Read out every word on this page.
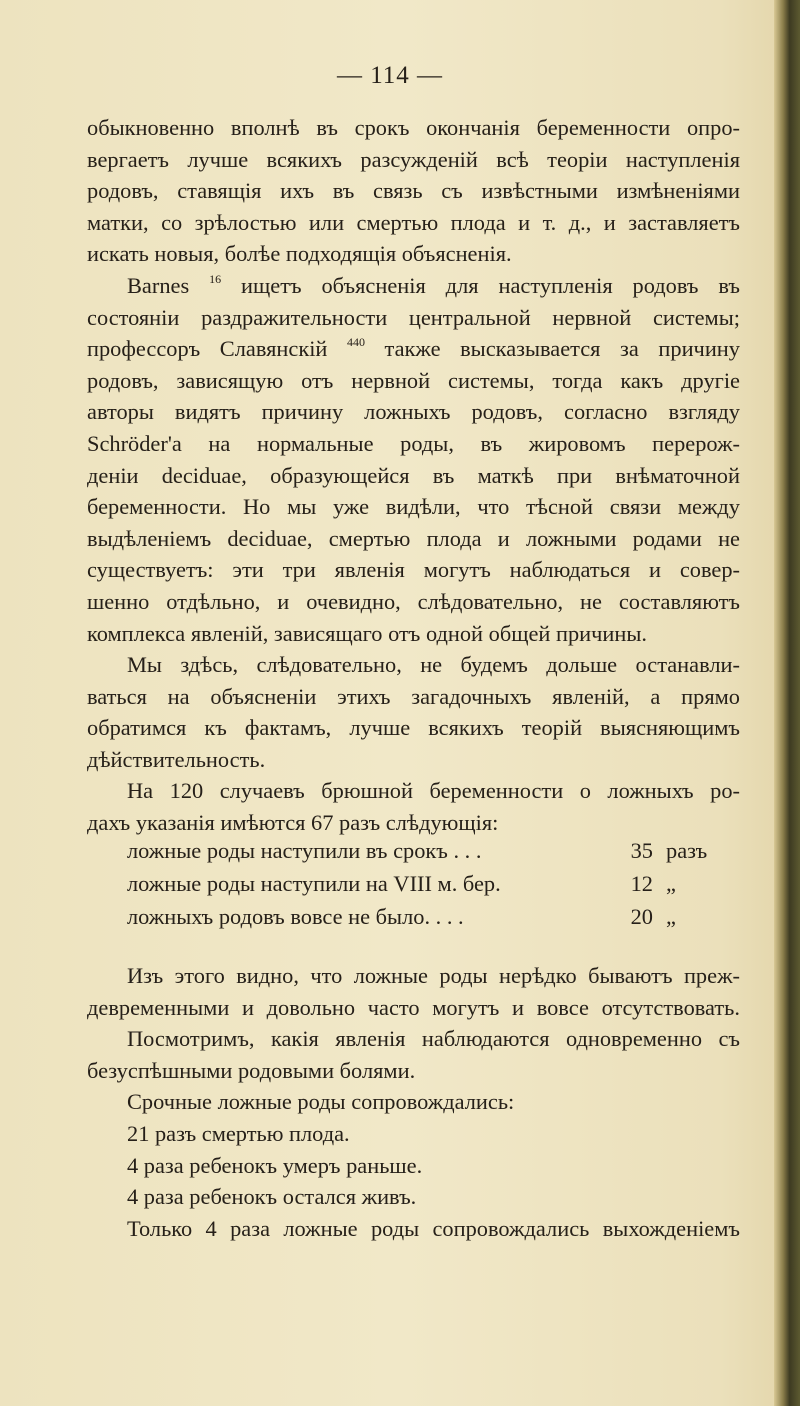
— 114 —
обыкновенно вполнѣ въ срокъ окончанія беременности опро-
вергаетъ лучше всякихъ разсужденій всѣ теоріи наступленія
родовъ, ставящія ихъ въ связь съ извѣстными измѣненіями
матки, со зрѣлостью или смертью плода и т. д., и заставляетъ
искать новыя, болѣе подходящія объясненія.
Barnes $^{16}$ ищетъ объясненія для наступленія родовъ въ
состояніи раздражительности центральной нервной системы;
профессоръ Славянскій $^{440}$ также высказывается за причину
родовъ, зависящую отъ нервной системы, тогда какъ другіе
авторы видятъ причину ложныхъ родовъ, согласно взгляду
Schröder'a на нормальные роды, въ жировомъ перерож-
деніи deciduae, образующейся въ маткѣ при внѣматочной
беременности. Но мы уже видѣли, что тѣсной связи между
выдѣленіемъ deciduae, смертью плода и ложными родами не
существуетъ: эти три явленія могутъ наблюдаться и совер-
шенно отдѣльно, и очевидно, слѣдовательно, не составляютъ
комплекса явленій, зависящаго отъ одной общей причины.
Мы здѣсь, слѣдовательно, не будемъ дольше останавли-
ваться на объясненіи этихъ загадочныхъ явленій, а прямо
обратимся къ фактамъ, лучше всякихъ теорій выясняющимъ
дѣйствительность.
На 120 случаевъ брюшной беременности о ложныхъ ро-
дахъ указанія имѣются 67 разъ слѣдующія:
ложные роды наступили въ срокъ . . .	35 разъ
ложные роды наступили на VIII м. бер.	12 „
ложныхъ родовъ вовсе не было. . . .	20 „
Изъ этого видно, что ложные роды нерѣдко бываютъ преж-
девременными и довольно часто могутъ и вовсе отсутствовать.
Посмотримъ, какія явленія наблюдаются одновременно съ
безуспѣшными родовыми болями.
Срочные ложные роды сопровождались:
21 разъ смертью плода.
4 раза ребенокъ умеръ раньше.
4 раза ребенокъ остался живъ.
Только 4 раза ложные роды сопровождались выхожденіемъ
